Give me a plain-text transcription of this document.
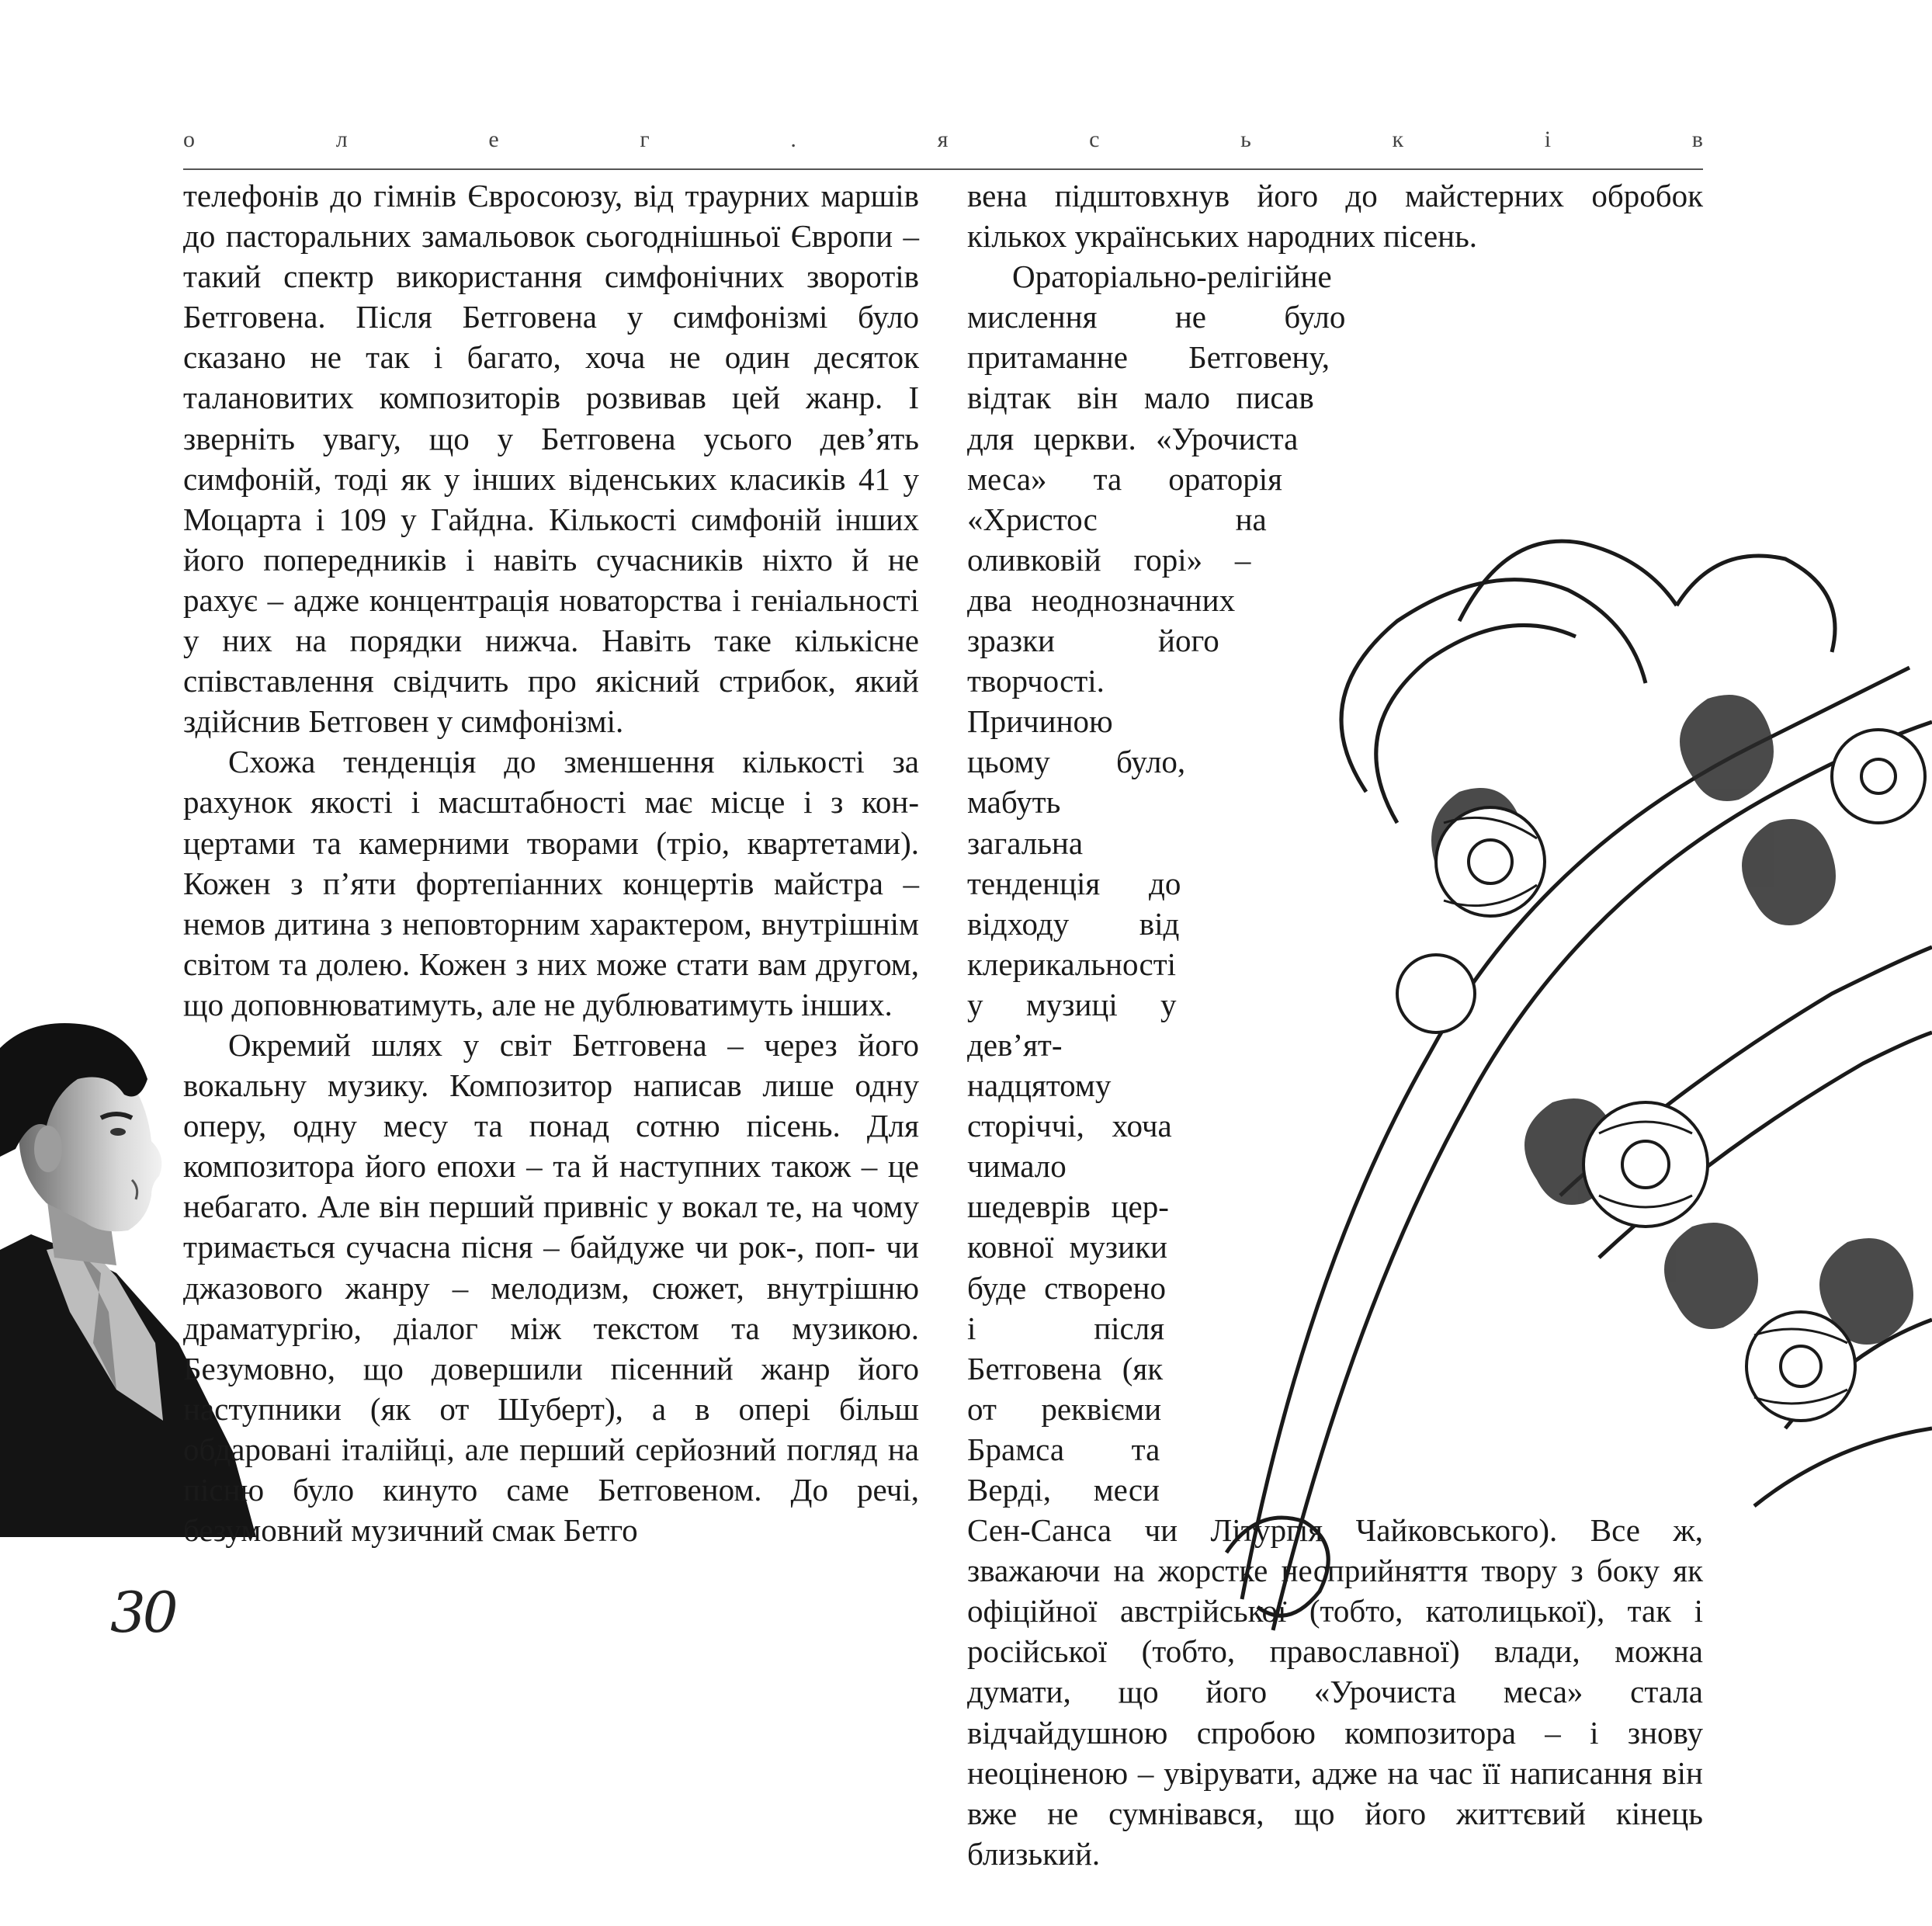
о	л	е	г	.	я	с	ь	к	і	в
30

телефонів до гімнів Євросоюзу, від траурних маршів до пасторальних замальовок сьогоднішньої Європи – такий спектр використання симфонічних зворотів Бетговена. Після Бетговена у симфонізмі було сказано не так і багато, хоча не один десяток талановитих композиторів розвивав цей жанр. І зверніть увагу, що у Бетговена усього дев’ять симфоній, тоді як у інших віденських класиків 41 у Моцарта і 109 у Гайдна. Кількості симфоній інших його попередників і навіть сучасників ніхто й не рахує – адже концентрація новаторства і геніальності у них на порядки нижча. Навіть таке кількісне співставлення свідчить про якісний стрибок, який здійснив Бетговен у симфонізмі.

Схожа тенденція до зменшення кількості за рахунок якості і масштабності має місце і з концертами та камерними творами (тріо, квартетами). Кожен з п’яти фортепіанних концертів майстра – немов дитина з неповторним характером, внутрішнім світом та долею. Кожен з них може стати вам другом, що доповнюватимуть, але не дублюватимуть інших.

Окремий шлях у світ Бетговена – через його вокальну музику. Композитор написав лише одну оперу, одну месу та понад сотню пісень. Для композитора його епохи – та й наступних також – це небагато. Але він перший привніс у вокал те, на чому тримається сучасна пісня – байдуже чи рок-, поп- чи джазового жанру – мелодизм, сюжет, внутрішню драматургію, діалог між текстом та музикою. Безумовно, що довершили пісенний жанр його наступники (як от Шуберт), а в опері більш обдаровані італійці, але перший серйозний погляд на пісню було кинуто саме Бетговеном. До речі, безумовний музичний смак Бетго

вена підштовхнув його до майстерних обробок кількох українських народних пісень.

Ораторіально-релігійне мислення не було притаманне Бетговену, відтак він мало писав для церкви. «Урочиста меса» та ораторія «Христос на оливковій горі» – два неоднозначних зразки його творчості. Причиною цьому було, мабуть загальна тенденція до відходу від клерикальності у музиці у дев’ятнадцятому сторіччі, хоча чимало шедеврів церковної музики буде створено і після Бетговена (як от реквієми Брамса та Верді, меси Сен-Санса чи Літургія Чайковського). Все ж, зважаючи на жорстке несприйняття твору з боку як офіційної австрійської (тобто, католицької), так і російської (тобто, православної) влади, можна думати, що його «Урочиста меса» стала відчайдушною спробою композитора – і знову неоціненою – увірувати, адже на час її написання він вже не сумнівався, що його життєвий кінець близький.
